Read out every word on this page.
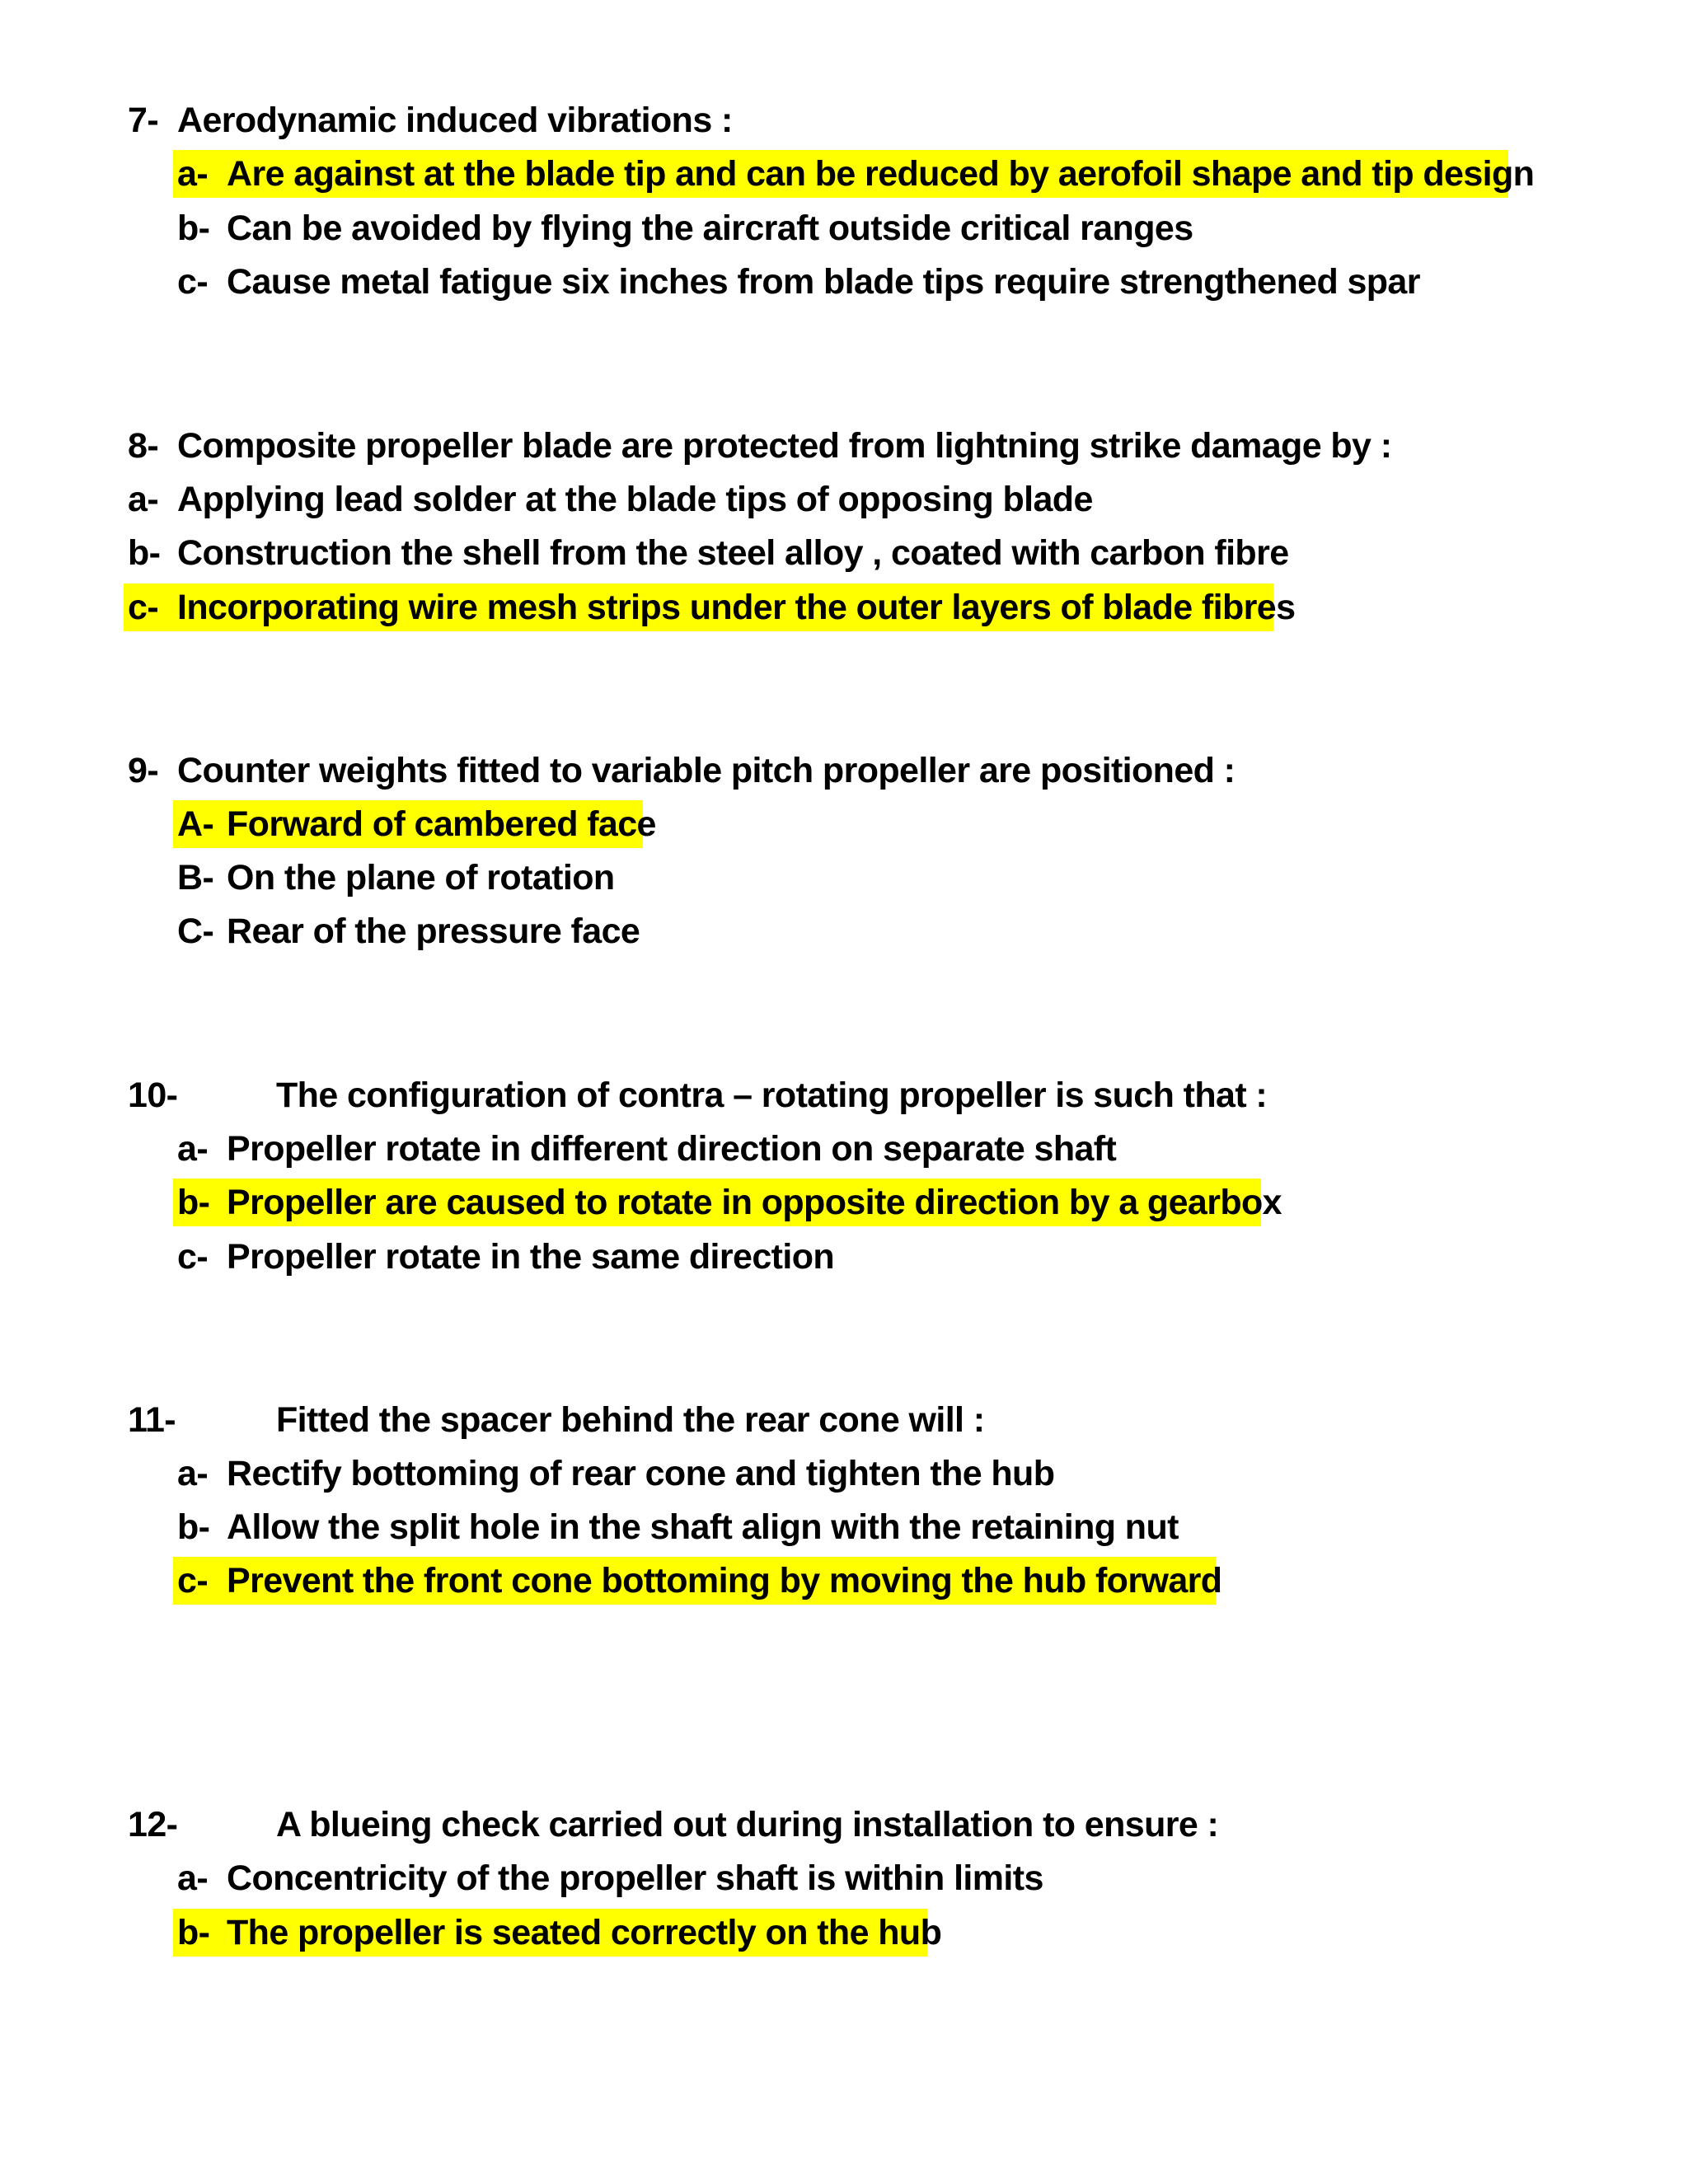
7- Aerodynamic induced vibrations :
a- Are against at the blade tip and can be reduced by aerofoil shape and tip design
b- Can be avoided by flying the aircraft outside critical ranges
c- Cause metal fatigue six inches from blade tips require strengthened spar
8- Composite propeller blade are protected from lightning strike damage by :
a- Applying lead solder at the blade tips of opposing blade
b- Construction the shell from the steel alloy , coated with carbon fibre
c- Incorporating wire mesh strips under the outer layers of blade fibres
9- Counter weights fitted to variable pitch propeller are positioned :
A- Forward of cambered face
B- On the plane of rotation
C- Rear of the pressure face
10-	The configuration of contra – rotating propeller is such that :
a- Propeller rotate in different direction on separate shaft
b- Propeller are caused to rotate in opposite direction by a gearbox
c- Propeller rotate in the same direction
11-	Fitted the spacer behind the rear cone will :
a- Rectify bottoming of rear cone and tighten the hub
b- Allow the split hole in the shaft align with the retaining nut
c- Prevent the front cone bottoming by moving the hub forward
12-	A blueing check carried out during installation to ensure :
a- Concentricity of the propeller shaft is within limits
b- The propeller is seated correctly on the hub
